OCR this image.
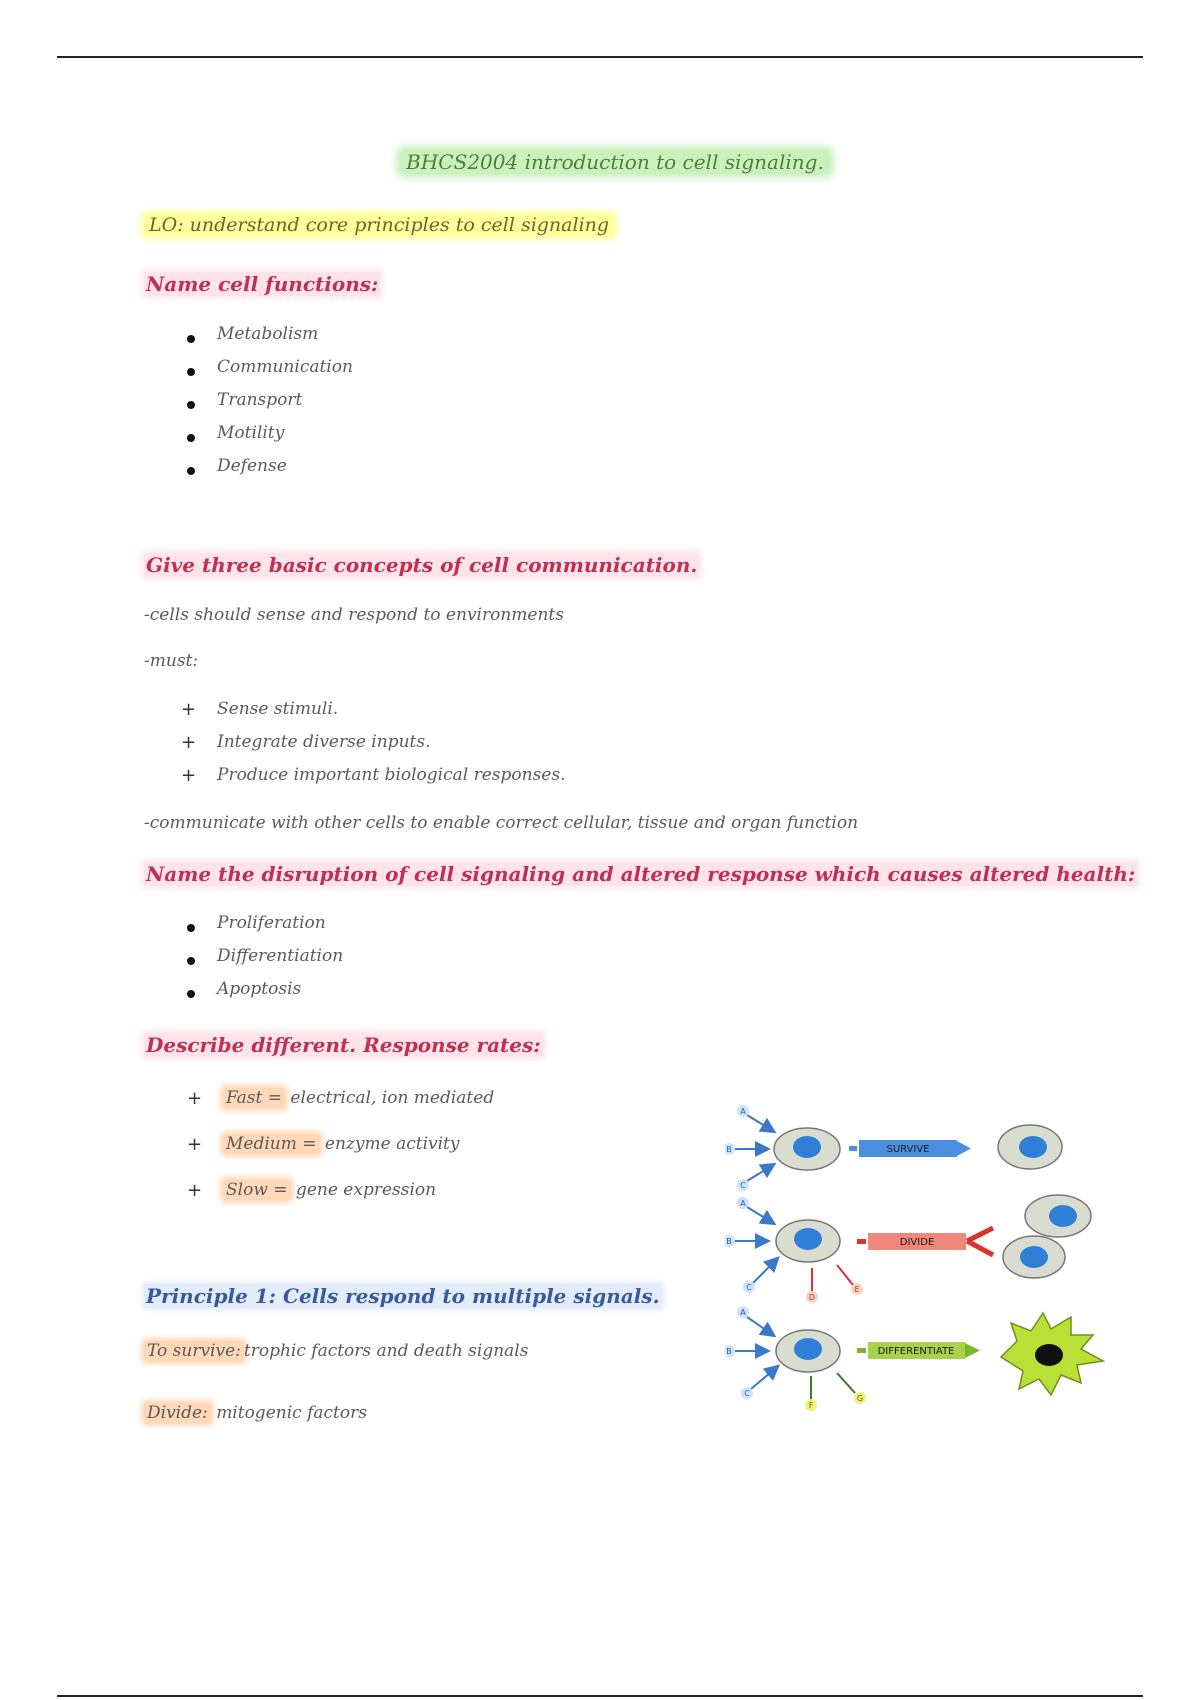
BHCS2004 introduction to cell signaling.
LO: understand core principles to cell signaling
Name cell functions:
Metabolism
Communication
Transport
Motility
Defense
Give three basic concepts of cell communication.
-cells should sense and respond to environments
-must:
+ Sense stimuli.
+ Integrate diverse inputs.
+ Produce important biological responses.
-communicate with other cells to enable correct cellular, tissue and organ function
Name the disruption of cell signaling and altered response which causes altered health:
Proliferation
Differentiation
Apoptosis
Describe different. Response rates:
+ Fast = electrical, ion mediated
+ Medium = enzyme activity
+ Slow = gene expression
Principle 1: Cells respond to multiple signals.
To survive: trophic factors and death signals
Divide: mitogenic factors
A
B
C
SURVIVE
A
B
C
D
E
DIVIDE
A
B
C
F
G
DIFFERENTIATE
